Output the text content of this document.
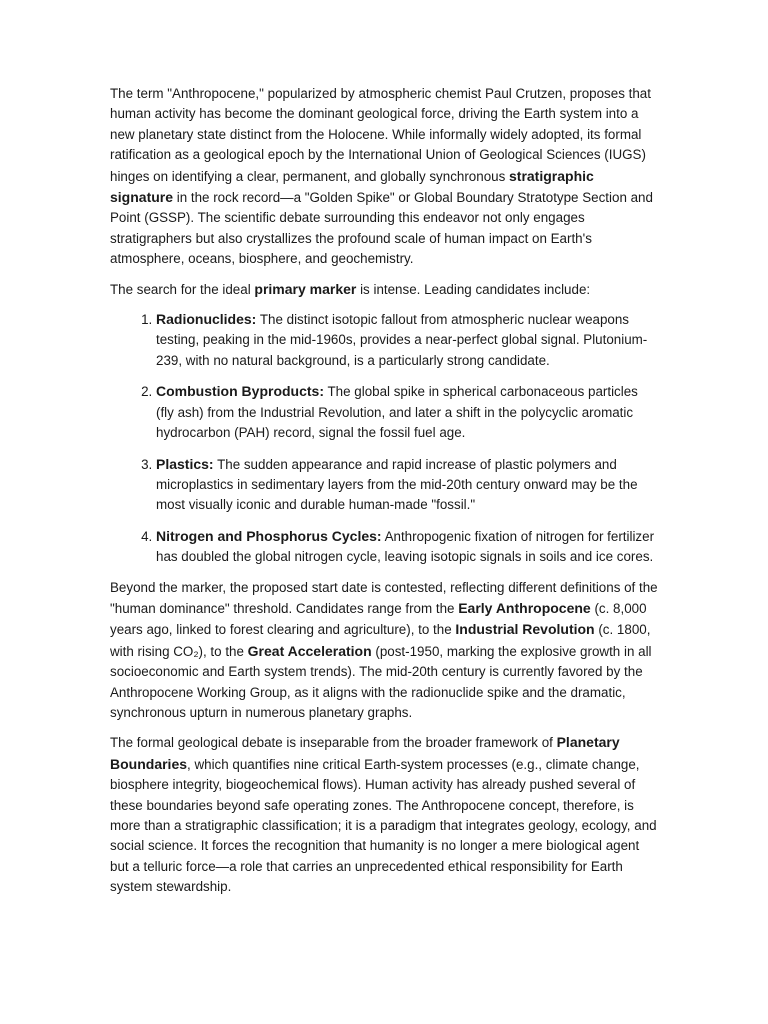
The term "Anthropocene," popularized by atmospheric chemist Paul Crutzen, proposes that human activity has become the dominant geological force, driving the Earth system into a new planetary state distinct from the Holocene. While informally widely adopted, its formal ratification as a geological epoch by the International Union of Geological Sciences (IUGS) hinges on identifying a clear, permanent, and globally synchronous stratigraphic signature in the rock record—a "Golden Spike" or Global Boundary Stratotype Section and Point (GSSP). The scientific debate surrounding this endeavor not only engages stratigraphers but also crystallizes the profound scale of human impact on Earth's atmosphere, oceans, biosphere, and geochemistry.

The search for the ideal primary marker is intense. Leading candidates include:

1. Radionuclides: The distinct isotopic fallout from atmospheric nuclear weapons testing, peaking in the mid-1960s, provides a near-perfect global signal. Plutonium-239, with no natural background, is a particularly strong candidate.
2. Combustion Byproducts: The global spike in spherical carbonaceous particles (fly ash) from the Industrial Revolution, and later a shift in the polycyclic aromatic hydrocarbon (PAH) record, signal the fossil fuel age.
3. Plastics: The sudden appearance and rapid increase of plastic polymers and microplastics in sedimentary layers from the mid-20th century onward may be the most visually iconic and durable human-made "fossil."
4. Nitrogen and Phosphorus Cycles: Anthropogenic fixation of nitrogen for fertilizer has doubled the global nitrogen cycle, leaving isotopic signals in soils and ice cores.

Beyond the marker, the proposed start date is contested, reflecting different definitions of the "human dominance" threshold. Candidates range from the Early Anthropocene (c. 8,000 years ago, linked to forest clearing and agriculture), to the Industrial Revolution (c. 1800, with rising CO₂), to the Great Acceleration (post-1950, marking the explosive growth in all socioeconomic and Earth system trends). The mid-20th century is currently favored by the Anthropocene Working Group, as it aligns with the radionuclide spike and the dramatic, synchronous upturn in numerous planetary graphs.

The formal geological debate is inseparable from the broader framework of Planetary Boundaries, which quantifies nine critical Earth-system processes (e.g., climate change, biosphere integrity, biogeochemical flows). Human activity has already pushed several of these boundaries beyond safe operating zones. The Anthropocene concept, therefore, is more than a stratigraphic classification; it is a paradigm that integrates geology, ecology, and social science. It forces the recognition that humanity is no longer a mere biological agent but a telluric force—a role that carries an unprecedented ethical responsibility for Earth system stewardship.
